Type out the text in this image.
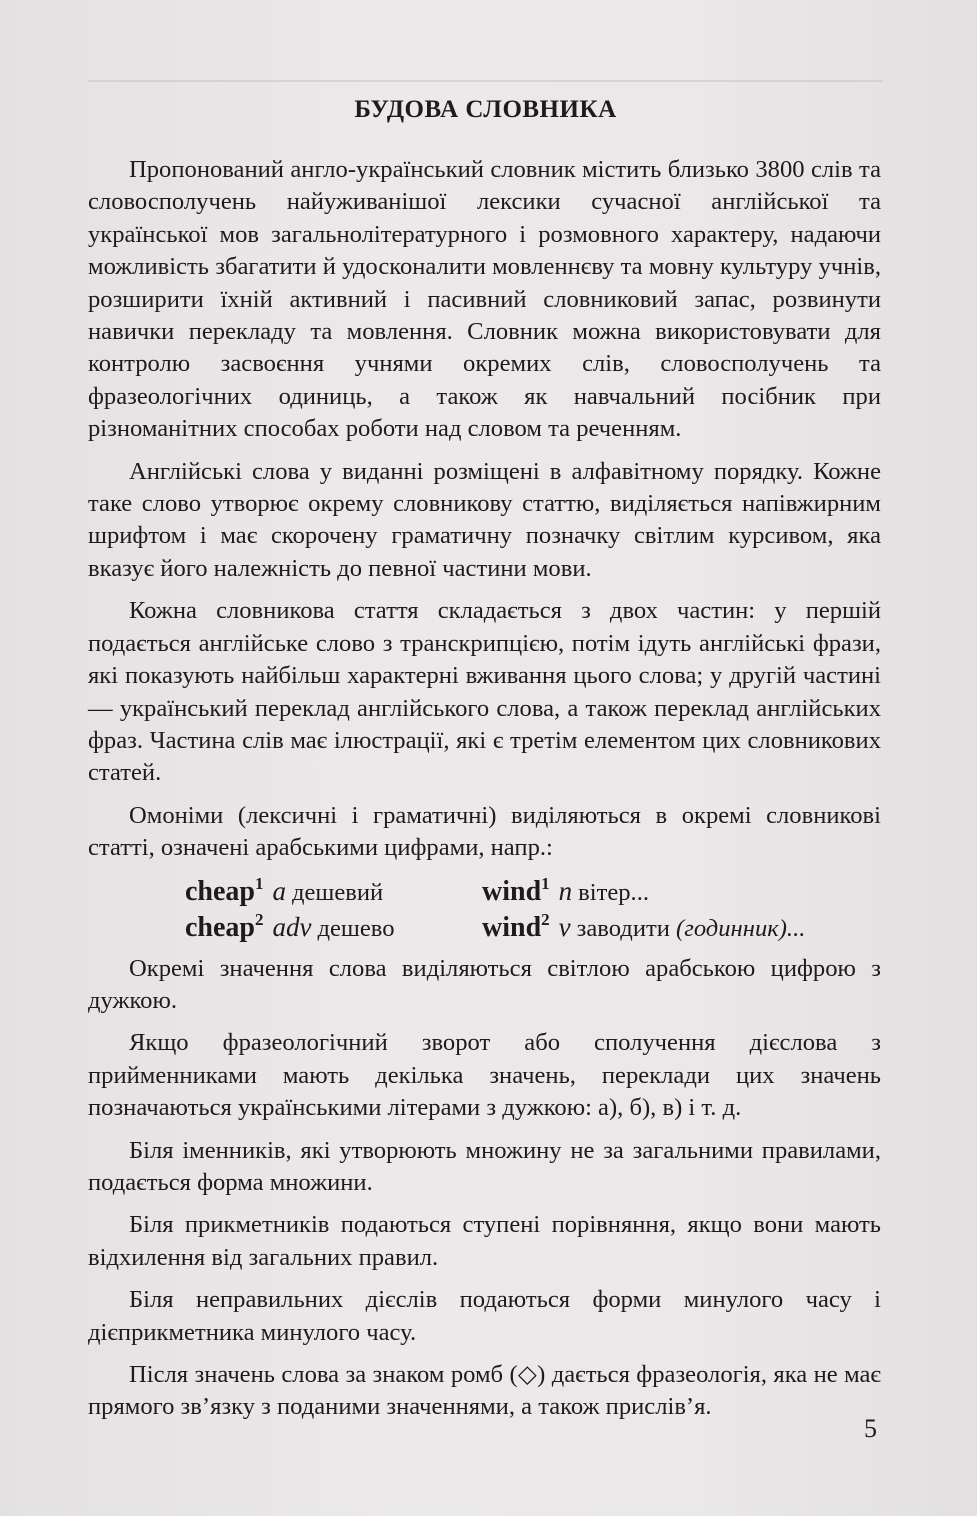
БУДОВА СЛОВНИКА

Пропонований англо-український словник містить близько 3800 слів та словосполучень найуживанішої лексики сучасної англійської та української мов загальнолітературного і розмовного характеру, надаючи можливість збагатити й удосконалити мовленнєву та мовну культуру учнів, розширити їхній активний і пасивний словниковий запас, розвинути навички перекладу та мовлення. Словник можна використовувати для контролю засвоєння учнями окремих слів, словосполучень та фразеологічних одиниць, а також як навчальний посібник при різноманітних способах роботи над словом та реченням.

Англійські слова у виданні розміщені в алфавітному порядку. Кожне таке слово утворює окрему словникову статтю, виділяється напівжирним шрифтом і має скорочену граматичну позначку світлим курсивом, яка вказує його належність до певної частини мови.

Кожна словникова стаття складається з двох частин: у першій подається англійське слово з транскрипцією, потім ідуть англійські фрази, які показують найбільш характерні вживання цього слова; у другій частині — український переклад англійського слова, а також переклад англійських фраз. Частина слів має ілюстрації, які є третім елементом цих словникових статей.

Омоніми (лексичні і граматичні) виділяються в окремі словникові статті, означені арабськими цифрами, напр.:

cheap$^1$ a дешевий	wind$^1$ n вітер...
cheap$^2$ adv дешево	wind$^2$ v заводити
(годинник)...

Окремі значення слова виділяються світлою арабською цифрою з дужкою.

Якщо фразеологічний зворот або сполучення дієслова з прийменниками мають декілька значень, переклади цих значень позначаються українськими літерами з дужкою: а), б), в) і т. д.

Біля іменників, які утворюють множину не за загальними правилами, подається форма множини.

Біля прикметників подаються ступені порівняння, якщо вони мають відхилення від загальних правил.

Біля неправильних дієслів подаються форми минулого часу і дієприкметника минулого часу.

Після значень слова за знаком ромб (◇) дається фразеологія, яка не має прямого зв’язку з поданими значеннями, а також прислів’я.

5
